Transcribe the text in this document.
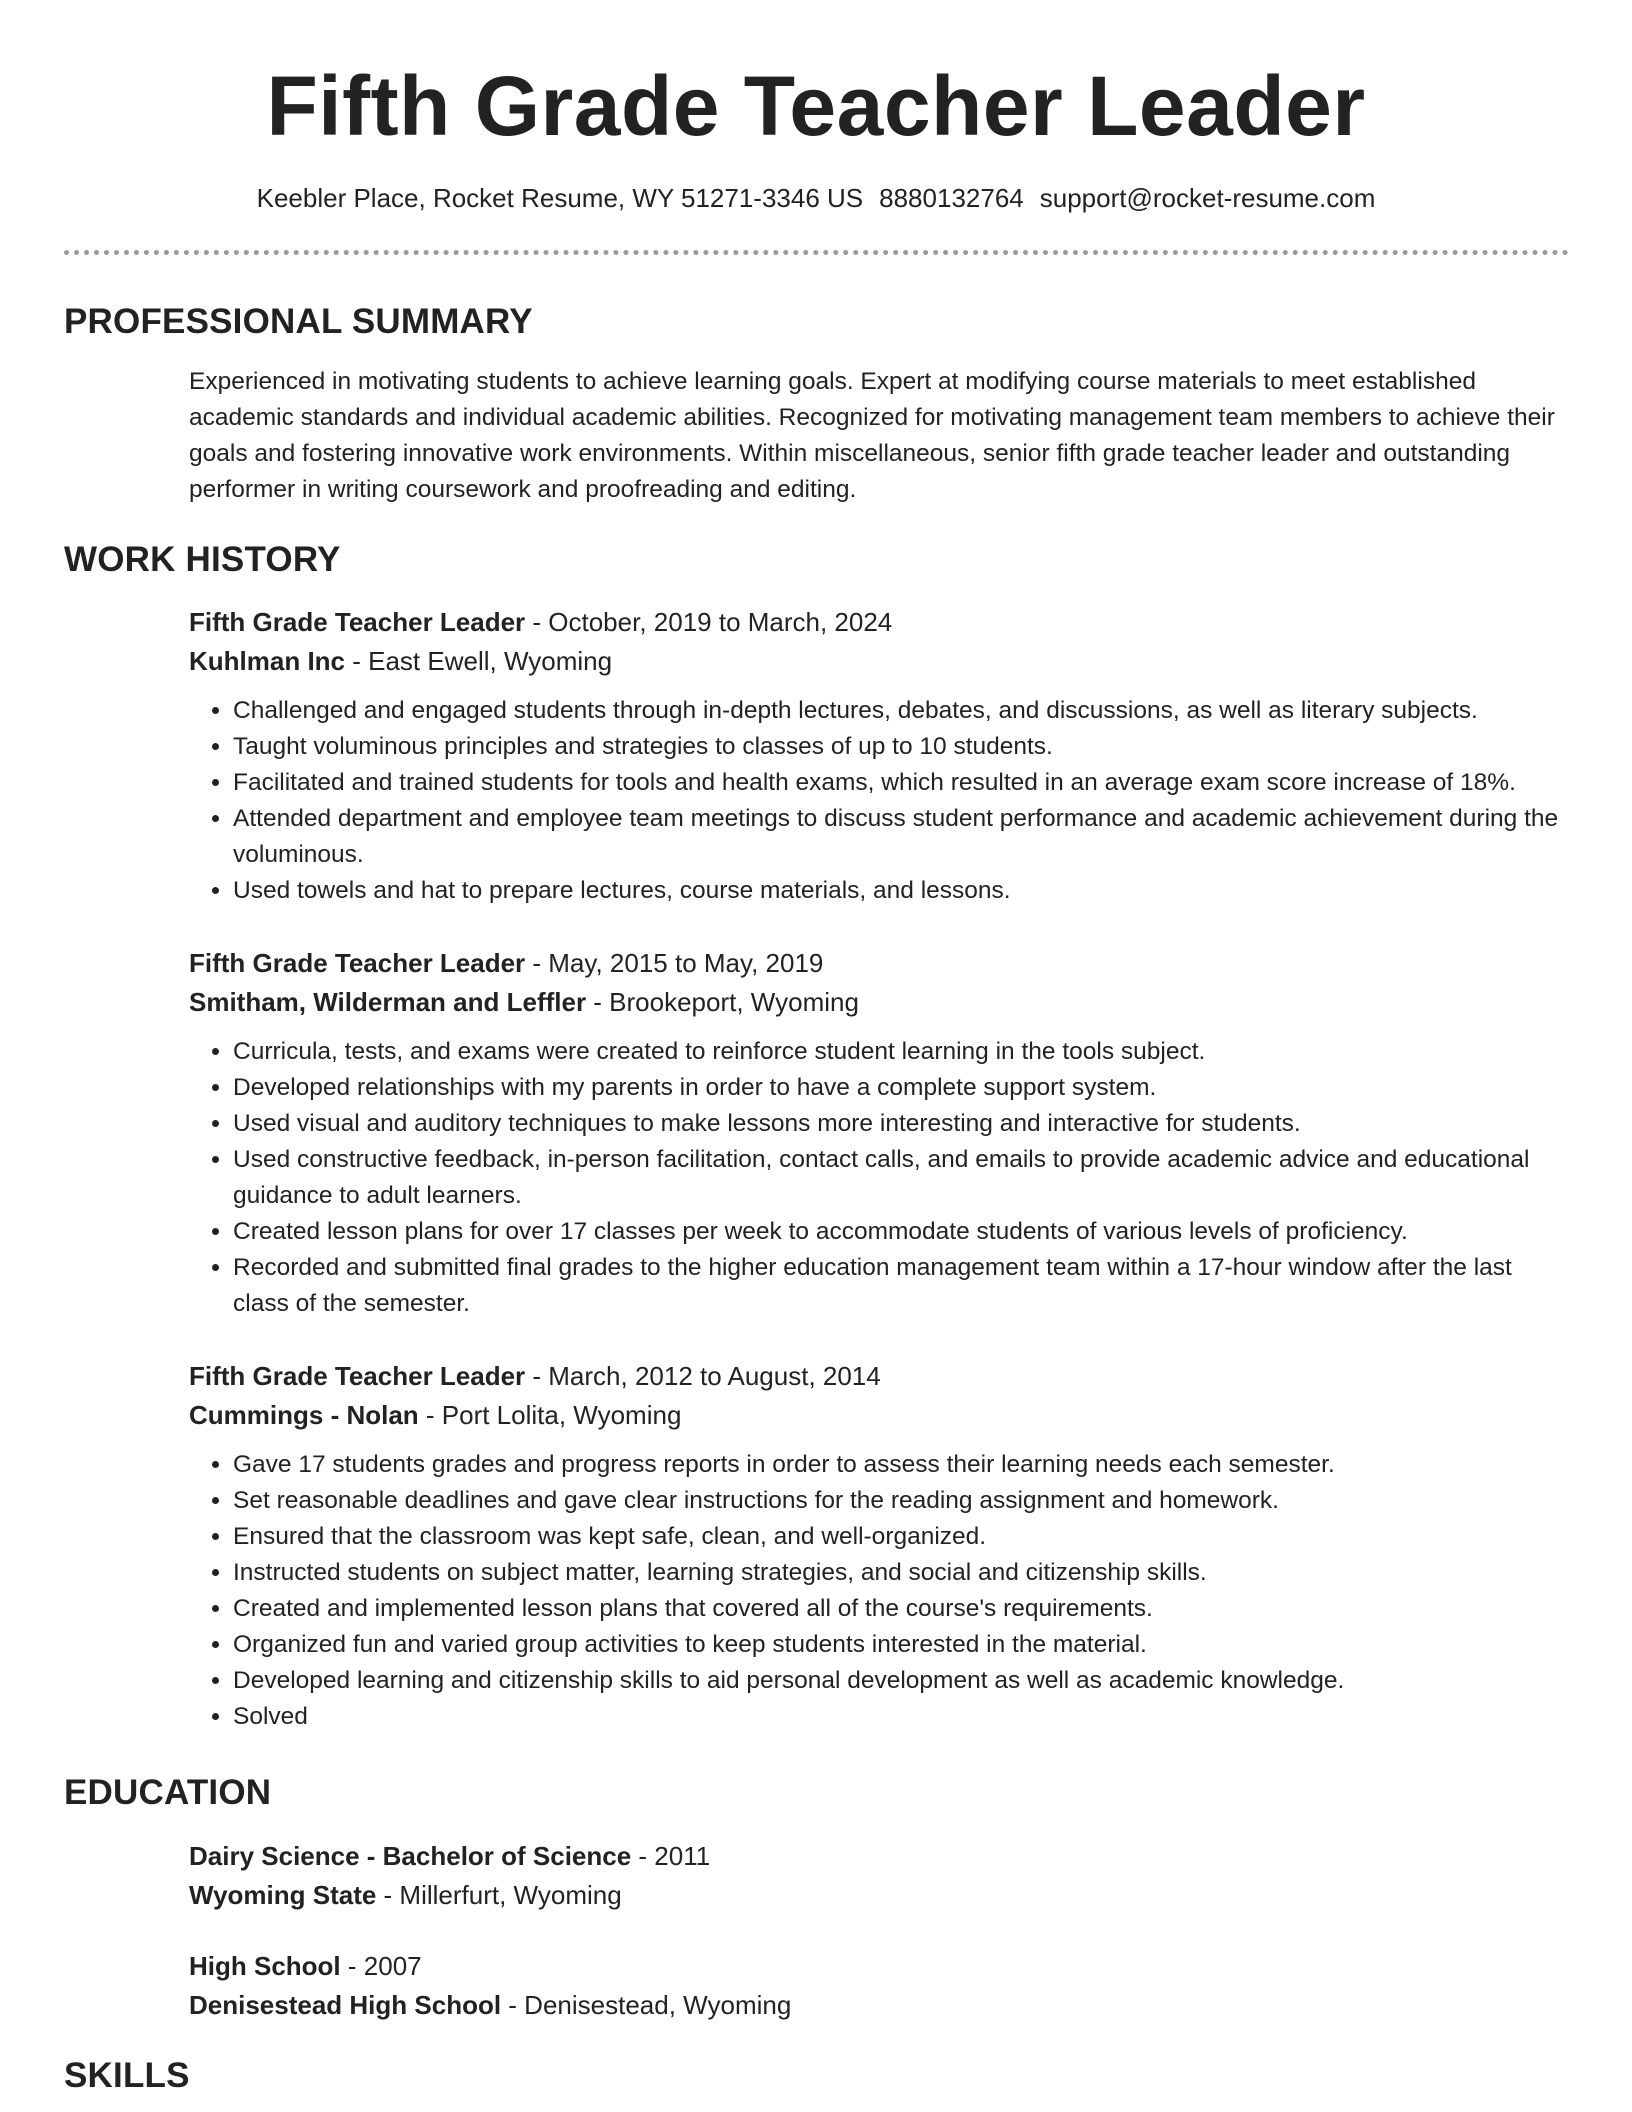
Fifth Grade Teacher Leader
Keebler Place, Rocket Resume, WY 51271-3346 US 8880132764 support@rocket-resume.com
PROFESSIONAL SUMMARY

Experienced in motivating students to achieve learning goals. Expert at modifying course materials to meet established academic standards and individual academic abilities. Recognized for motivating management team members to achieve their goals and fostering innovative work environments. Within miscellaneous, senior fifth grade teacher leader and outstanding performer in writing coursework and proofreading and editing.

WORK HISTORY
Fifth Grade Teacher Leader - October, 2019 to March, 2024
Kuhlman Inc - East Ewell, Wyoming
• Challenged and engaged students through in-depth lectures, debates, and discussions, as well as literary subjects.
• Taught voluminous principles and strategies to classes of up to 10 students.
• Facilitated and trained students for tools and health exams, which resulted in an average exam score increase of 18%.
• Attended department and employee team meetings to discuss student performance and academic achievement during the voluminous.
• Used towels and hat to prepare lectures, course materials, and lessons.
Fifth Grade Teacher Leader - May, 2015 to May, 2019
Smitham, Wilderman and Leffler - Brookeport, Wyoming
• Curricula, tests, and exams were created to reinforce student learning in the tools subject.
• Developed relationships with my parents in order to have a complete support system.
• Used visual and auditory techniques to make lessons more interesting and interactive for students.
• Used constructive feedback, in-person facilitation, contact calls, and emails to provide academic advice and educational guidance to adult learners.
• Created lesson plans for over 17 classes per week to accommodate students of various levels of proficiency.
• Recorded and submitted final grades to the higher education management team within a 17-hour window after the last class of the semester.
Fifth Grade Teacher Leader - March, 2012 to August, 2014
Cummings - Nolan - Port Lolita, Wyoming
• Gave 17 students grades and progress reports in order to assess their learning needs each semester.
• Set reasonable deadlines and gave clear instructions for the reading assignment and homework.
• Ensured that the classroom was kept safe, clean, and well-organized.
• Instructed students on subject matter, learning strategies, and social and citizenship skills.
• Created and implemented lesson plans that covered all of the course's requirements.
• Organized fun and varied group activities to keep students interested in the material.
• Developed learning and citizenship skills to aid personal development as well as academic knowledge.
• Solved
EDUCATION
Dairy Science - Bachelor of Science - 2011
Wyoming State - Millerfurt, Wyoming
High School - 2007
Denisestead High School - Denisestead, Wyoming
SKILLS
